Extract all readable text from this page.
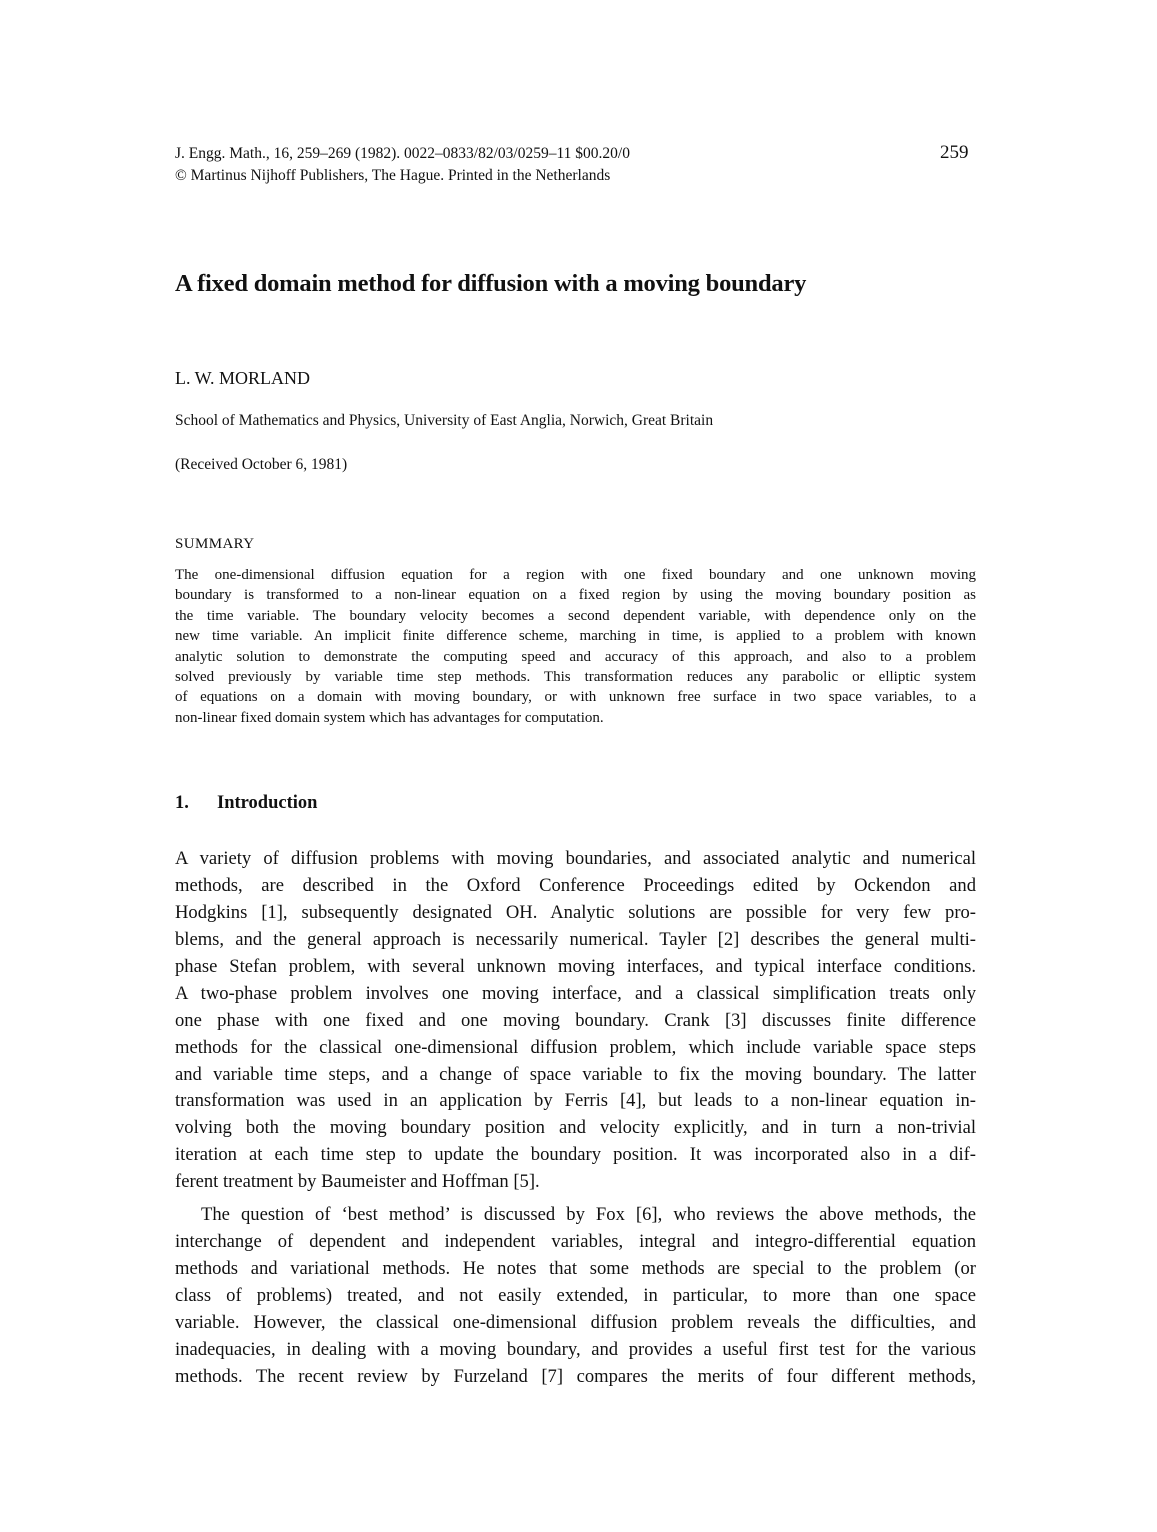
J. Engg. Math., 16, 259–269 (1982). 0022–0833/82/03/0259–11 $00.20/0
© Martinus Nijhoff Publishers, The Hague. Printed in the Netherlands
259
A fixed domain method for diffusion with a moving boundary
L. W. MORLAND
School of Mathematics and Physics, University of East Anglia, Norwich, Great Britain
(Received October 6, 1981)
SUMMARY
The one-dimensional diffusion equation for a region with one fixed boundary and one unknown moving
boundary is transformed to a non-linear equation on a fixed region by using the moving boundary position as
the time variable. The boundary velocity becomes a second dependent variable, with dependence only on the
new time variable. An implicit finite difference scheme, marching in time, is applied to a problem with known
analytic solution to demonstrate the computing speed and accuracy of this approach, and also to a problem
solved previously by variable time step methods. This transformation reduces any parabolic or elliptic system
of equations on a domain with moving boundary, or with unknown free surface in two space variables, to a
non-linear fixed domain system which has advantages for computation.
1. Introduction
A variety of diffusion problems with moving boundaries, and associated analytic and numerical
methods, are described in the Oxford Conference Proceedings edited by Ockendon and
Hodgkins [1], subsequently designated OH. Analytic solutions are possible for very few pro-
blems, and the general approach is necessarily numerical. Tayler [2] describes the general multi-
phase Stefan problem, with several unknown moving interfaces, and typical interface conditions.
A two-phase problem involves one moving interface, and a classical simplification treats only
one phase with one fixed and one moving boundary. Crank [3] discusses finite difference
methods for the classical one-dimensional diffusion problem, which include variable space steps
and variable time steps, and a change of space variable to fix the moving boundary. The latter
transformation was used in an application by Ferris [4], but leads to a non-linear equation in-
volving both the moving boundary position and velocity explicitly, and in turn a non-trivial
iteration at each time step to update the boundary position. It was incorporated also in a dif-
ferent treatment by Baumeister and Hoffman [5].
The question of ‘best method’ is discussed by Fox [6], who reviews the above methods, the
interchange of dependent and independent variables, integral and integro-differential equation
methods and variational methods. He notes that some methods are special to the problem (or
class of problems) treated, and not easily extended, in particular, to more than one space
variable. However, the classical one-dimensional diffusion problem reveals the difficulties, and
inadequacies, in dealing with a moving boundary, and provides a useful first test for the various
methods. The recent review by Furzeland [7] compares the merits of four different methods,
